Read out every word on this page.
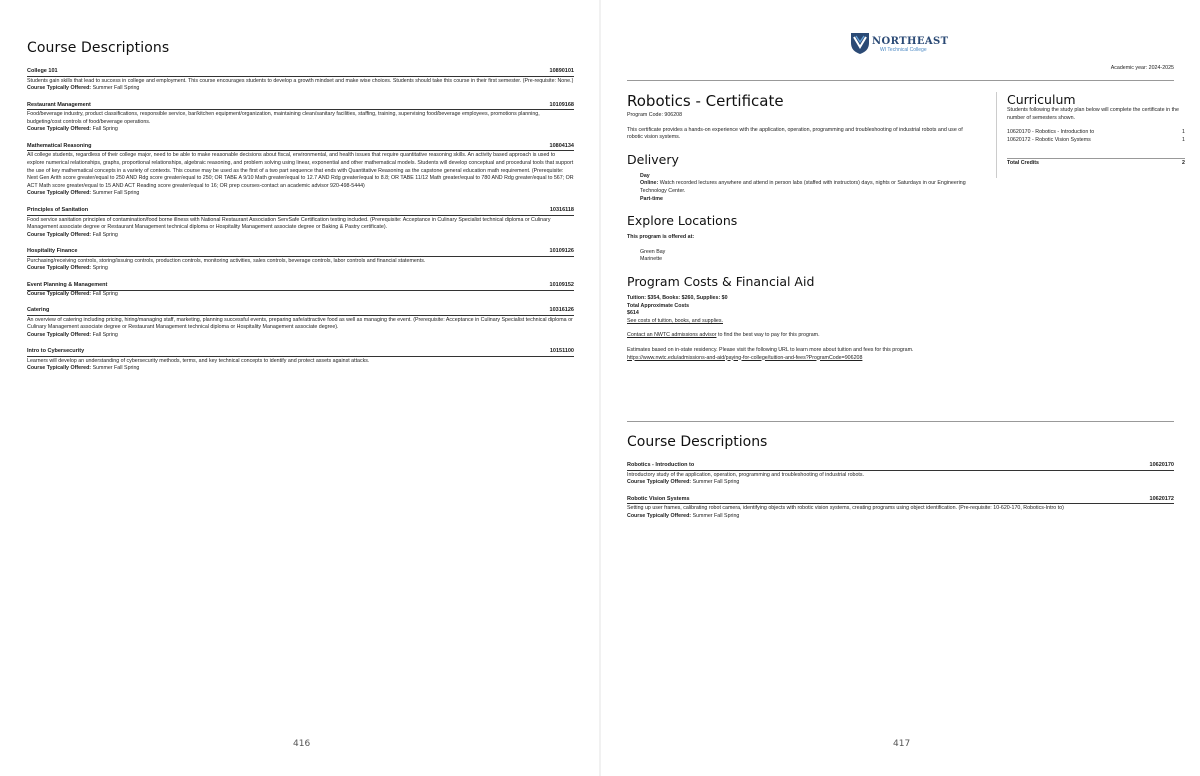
Course Descriptions
College 101	10890101
Students gain skills that lead to success in college and employment. This course encourages students to develop a growth mindset and make wise choices. Students should take this course in their first semester. (Pre-requisite: None.)
Course Typically Offered: Summer Fall Spring
Restaurant Management	10109168
Food/beverage industry, product classifications, responsible service, bar/kitchen equipment/organization, maintaining clean/sanitary facilities, staffing, training, supervising food/beverage employees, promotions planning, budgeting/cost controls of food/beverage operations.
Course Typically Offered: Fall Spring
Mathematical Reasoning	10804134
All college students, regardless of their college major, need to be able to make reasonable decisions about fiscal, environmental, and health issues that require quantitative reasoning skills. An activity based approach is used to explore numerical relationships, graphs, proportional relationships, algebraic reasoning, and problem solving using linear, exponential and other mathematical models. Students will develop conceptual and procedural tools that support the use of key mathematical concepts in a variety of contexts. This course may be used as the first of a two part sequence that ends with Quantitative Reasoning as the capstone general education math requirement. (Prerequisite: Next Gen Arith score greater/equal to 250 AND Rdg score greater/equal to 250; OR TABE A 9/10 Math greater/equal to 12.7 AND Rdg greater/equal to 8.8; OR TABE 11/12 Math greater/equal to 780 AND Rdg greater/equal to 567; OR ACT Math score greater/equal to 15 AND ACT Reading score greater/equal to 16; OR prep courses-contact an academic advisor 920-498-5444)
Course Typically Offered: Summer Fall Spring
Principles of Sanitation	10316118
Food service sanitation principles of contamination/food borne illness with National Restaurant Association ServSafe Certification testing included. (Prerequisite: Acceptance in Culinary Specialist technical diploma or Culinary Management associate degree or Restaurant Management technical diploma or Hospitality Management associate degree or Baking & Pastry certificate).
Course Typically Offered: Fall Spring
Hospitality Finance	10109126
Purchasing/receiving controls, storing/issuing controls, production controls, monitoring activities, sales controls, beverage controls, labor controls and financial statements.
Course Typically Offered: Spring
Event Planning & Management	10109152
Course Typically Offered: Fall Spring
Catering	10316126
An overview of catering including pricing, hiring/managing staff, marketing, planning successful events, preparing safe/attractive food as well as managing the event. (Prerequisite: Acceptance in Culinary Specialist technical diploma or Culinary Management associate degree or Restaurant Management technical diploma or Hospitality Management associate degree).
Course Typically Offered: Fall Spring
Intro to Cybersecurity	10151100
Learners will develop an understanding of cybersecurity methods, terms, and key technical concepts to identify and protect assets against attacks.
Course Typically Offered: Summer Fall Spring
416
NORTHEAST
WI Technical College
Academic year: 2024-2025
Robotics - Certificate
Program Code: 906208
This certificate provides a hands-on experience with the application, operation, programming and troubleshooting of industrial robots and use of robotic vision systems.
Delivery
Day
Online: Watch recorded lectures anywhere and attend in person labs (staffed with instructors) days, nights or Saturdays in our Engineering Technology Center.
Part-time
Explore Locations
This program is offered at:
Green Bay
Marinette
Program Costs & Financial Aid
Tuition: $354, Books: $260, Supplies: $0
Total Approximate Costs
$614
See costs of tuition, books, and supplies.
Contact an NWTC admissions advisor to find the best way to pay for this program.
Estimates based on in-state residency. Please visit the following URL to learn more about tuition and fees for this program.
https://www.nwtc.edu/admissions-and-aid/paying-for-college/tuition-and-fees?ProgramCode=906208
Curriculum
Students following the study plan below will complete the certificate in the number of semesters shown.
10620170 - Robotics - Introduction to	1
10620172 - Robotic Vision Systems	1
Total Credits	2
Course Descriptions
Robotics - Introduction to	10620170
Introductory study of the application, operation, programming and troubleshooting of industrial robots.
Course Typically Offered: Summer Fall Spring
Robotic Vision Systems	10620172
Setting up user frames, calibrating robot camera, identifying objects with robotic vision systems, creating programs using object identification. (Pre-requisite: 10-620-170, Robotics-Intro to)
Course Typically Offered: Summer Fall Spring
417
